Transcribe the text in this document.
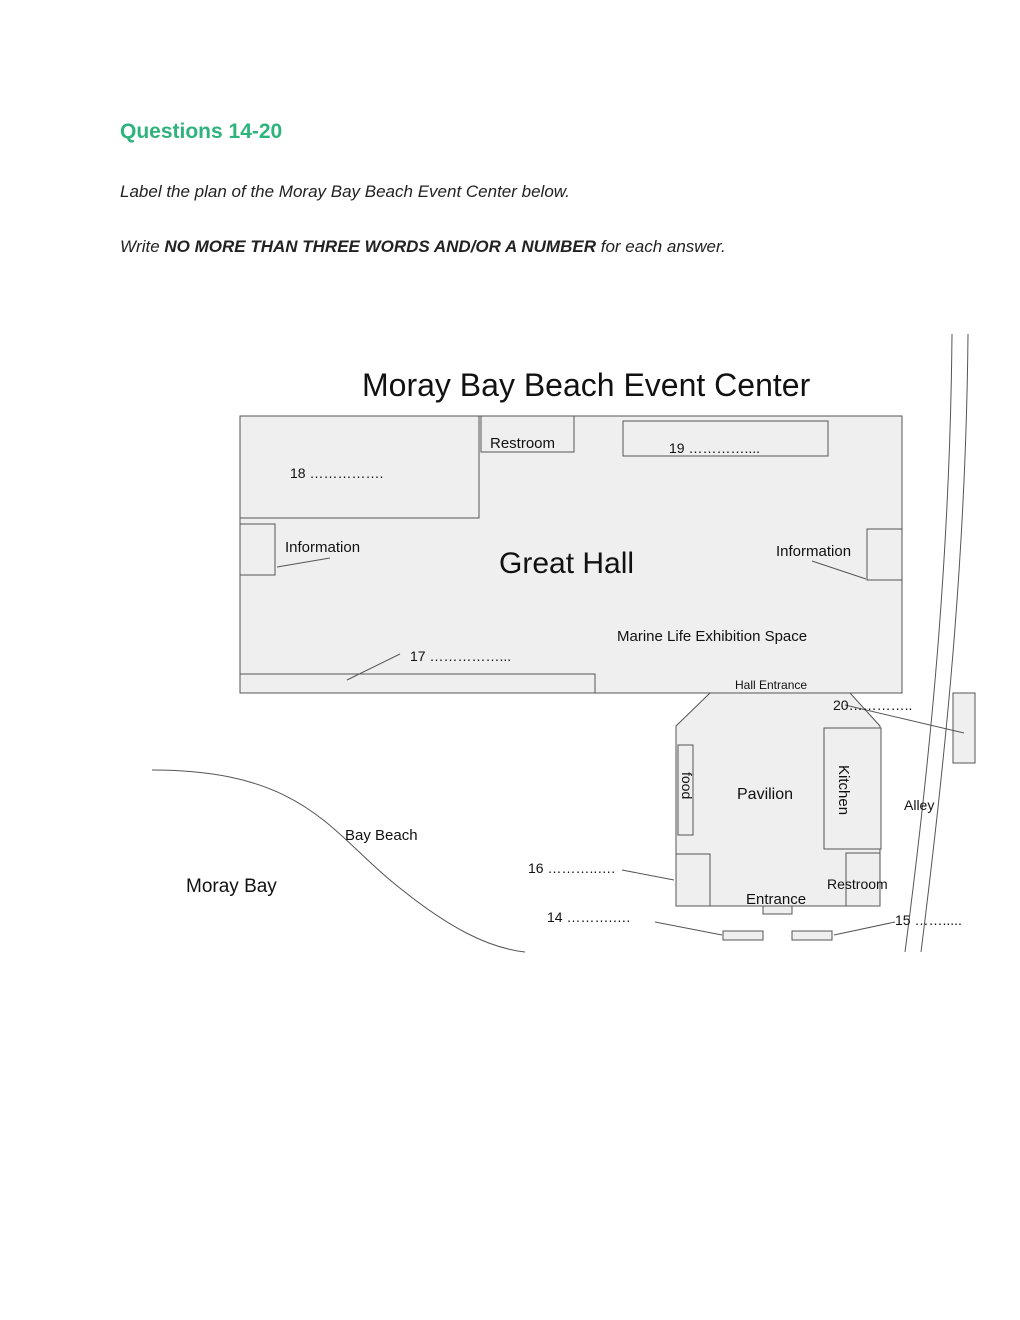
Questions 14-20
Label the plan of the Moray Bay Beach Event Center below.
Write NO MORE THAN THREE WORDS AND/OR A NUMBER for each answer.
Moray Bay Beach Event Center
Restroom	19 …………....
18 …………….
Information	Great Hall	Information
Marine Life Exhibition Space
17 ……………...
Hall Entrance
20…………..
food	Pavilion	Kitchen	Alley
Bay Beach
16 ………..….
Moray Bay	Restroom
Entrance
14 ……….….	15 …….....
